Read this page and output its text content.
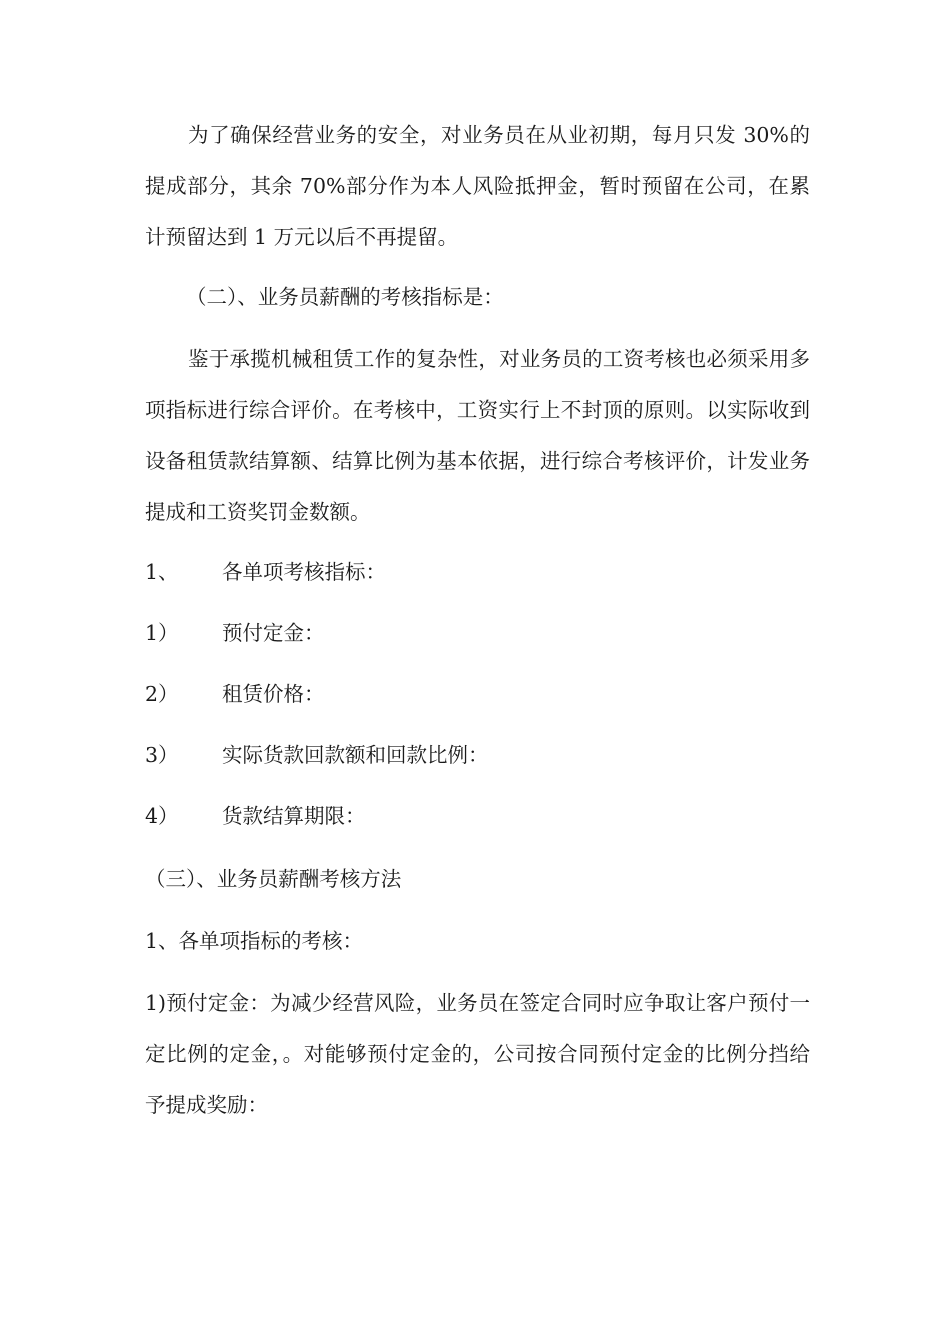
为了确保经营业务的安全，对业务员在从业初期，每月只发 30%的提成部分，其余 70%部分作为本人风险抵押金，暂时预留在公司，在累计预留达到 1 万元以后不再提留。

（二）、业务员薪酬的考核指标是：

鉴于承揽机械租赁工作的复杂性，对业务员的工资考核也必须采用多项指标进行综合评价。在考核中，工资实行上不封顶的原则。以实际收到设备租赁款结算额、结算比例为基本依据，进行综合考核评价，计发业务提成和工资奖罚金数额。

1、 各单项考核指标：
1） 预付定金：
2） 租赁价格：
3） 实际货款回款额和回款比例：
4） 货款结算期限：

（三）、业务员薪酬考核方法

1、各单项指标的考核：

1)预付定金：为减少经营风险，业务员在签定合同时应争取让客户预付一定比例的定金，。对能够预付定金的，公司按合同预付定金的比例分挡给予提成奖励：
